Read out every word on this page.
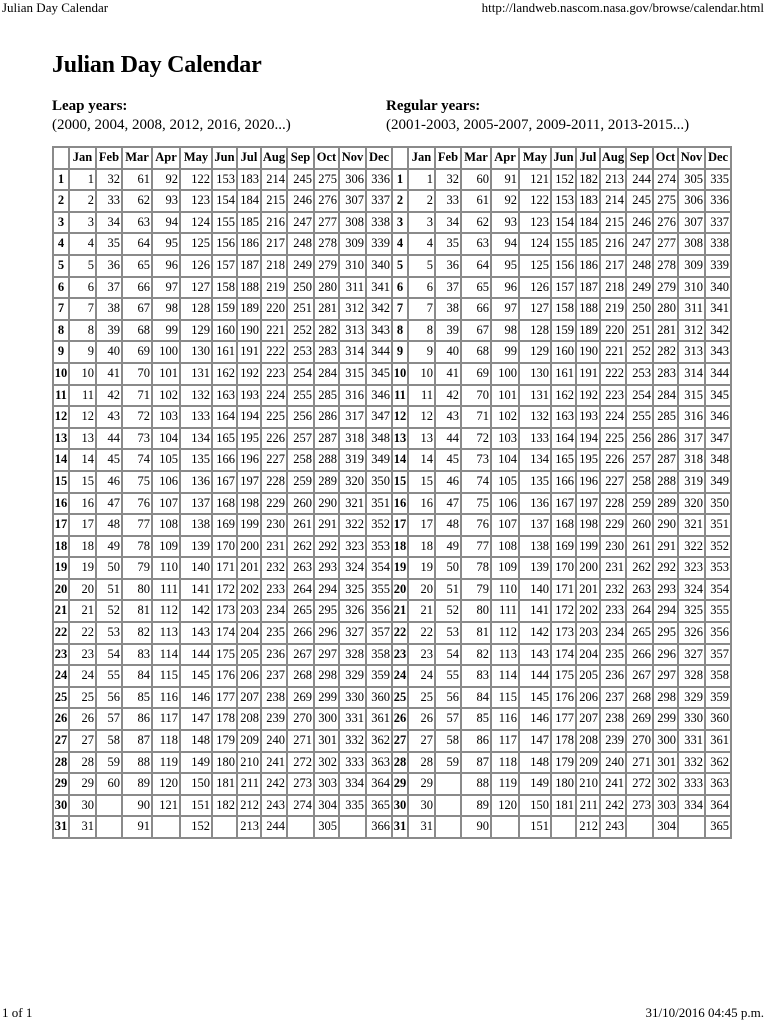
Julian Day Calendar	http://landweb.nascom.nasa.gov/browse/calendar.html
Julian Day Calendar
Leap years:
(2000, 2004, 2008, 2012, 2016, 2020...)
Regular years:
(2001-2003, 2005-2007, 2009-2011, 2013-2015...)
	Jan	Feb	Mar	Apr	May	Jun	Jul	Aug	Sep	Oct	Nov	Dec		Jan	Feb	Mar	Apr	May	Jun	Jul	Aug	Sep	Oct	Nov	Dec
1	1	32	61	92	122	153	183	214	245	275	306	336	1	1	32	60	91	121	152	182	213	244	274	305	335
2	2	33	62	93	123	154	184	215	246	276	307	337	2	2	33	61	92	122	153	183	214	245	275	306	336
3	3	34	63	94	124	155	185	216	247	277	308	338	3	3	34	62	93	123	154	184	215	246	276	307	337
4	4	35	64	95	125	156	186	217	248	278	309	339	4	4	35	63	94	124	155	185	216	247	277	308	338
5	5	36	65	96	126	157	187	218	249	279	310	340	5	5	36	64	95	125	156	186	217	248	278	309	339
6	6	37	66	97	127	158	188	219	250	280	311	341	6	6	37	65	96	126	157	187	218	249	279	310	340
7	7	38	67	98	128	159	189	220	251	281	312	342	7	7	38	66	97	127	158	188	219	250	280	311	341
8	8	39	68	99	129	160	190	221	252	282	313	343	8	8	39	67	98	128	159	189	220	251	281	312	342
9	9	40	69	100	130	161	191	222	253	283	314	344	9	9	40	68	99	129	160	190	221	252	282	313	343
10	10	41	70	101	131	162	192	223	254	284	315	345	10	10	41	69	100	130	161	191	222	253	283	314	344
11	11	42	71	102	132	163	193	224	255	285	316	346	11	11	42	70	101	131	162	192	223	254	284	315	345
12	12	43	72	103	133	164	194	225	256	286	317	347	12	12	43	71	102	132	163	193	224	255	285	316	346
13	13	44	73	104	134	165	195	226	257	287	318	348	13	13	44	72	103	133	164	194	225	256	286	317	347
14	14	45	74	105	135	166	196	227	258	288	319	349	14	14	45	73	104	134	165	195	226	257	287	318	348
15	15	46	75	106	136	167	197	228	259	289	320	350	15	15	46	74	105	135	166	196	227	258	288	319	349
16	16	47	76	107	137	168	198	229	260	290	321	351	16	16	47	75	106	136	167	197	228	259	289	320	350
17	17	48	77	108	138	169	199	230	261	291	322	352	17	17	48	76	107	137	168	198	229	260	290	321	351
18	18	49	78	109	139	170	200	231	262	292	323	353	18	18	49	77	108	138	169	199	230	261	291	322	352
19	19	50	79	110	140	171	201	232	263	293	324	354	19	19	50	78	109	139	170	200	231	262	292	323	353
20	20	51	80	111	141	172	202	233	264	294	325	355	20	20	51	79	110	140	171	201	232	263	293	324	354
21	21	52	81	112	142	173	203	234	265	295	326	356	21	21	52	80	111	141	172	202	233	264	294	325	355
22	22	53	82	113	143	174	204	235	266	296	327	357	22	22	53	81	112	142	173	203	234	265	295	326	356
23	23	54	83	114	144	175	205	236	267	297	328	358	23	23	54	82	113	143	174	204	235	266	296	327	357
24	24	55	84	115	145	176	206	237	268	298	329	359	24	24	55	83	114	144	175	205	236	267	297	328	358
25	25	56	85	116	146	177	207	238	269	299	330	360	25	25	56	84	115	145	176	206	237	268	298	329	359
26	26	57	86	117	147	178	208	239	270	300	331	361	26	26	57	85	116	146	177	207	238	269	299	330	360
27	27	58	87	118	148	179	209	240	271	301	332	362	27	27	58	86	117	147	178	208	239	270	300	331	361
28	28	59	88	119	149	180	210	241	272	302	333	363	28	28	59	87	118	148	179	209	240	271	301	332	362
29	29	60	89	120	150	181	211	242	273	303	334	364	29	29		88	119	149	180	210	241	272	302	333	363
30	30		90	121	151	182	212	243	274	304	335	365	30	30		89	120	150	181	211	242	273	303	334	364
31	31		91		152		213	244		305		366	31	31		90		151		212	243		304		365
1 of 1	31/10/2016 04:45 p.m.
